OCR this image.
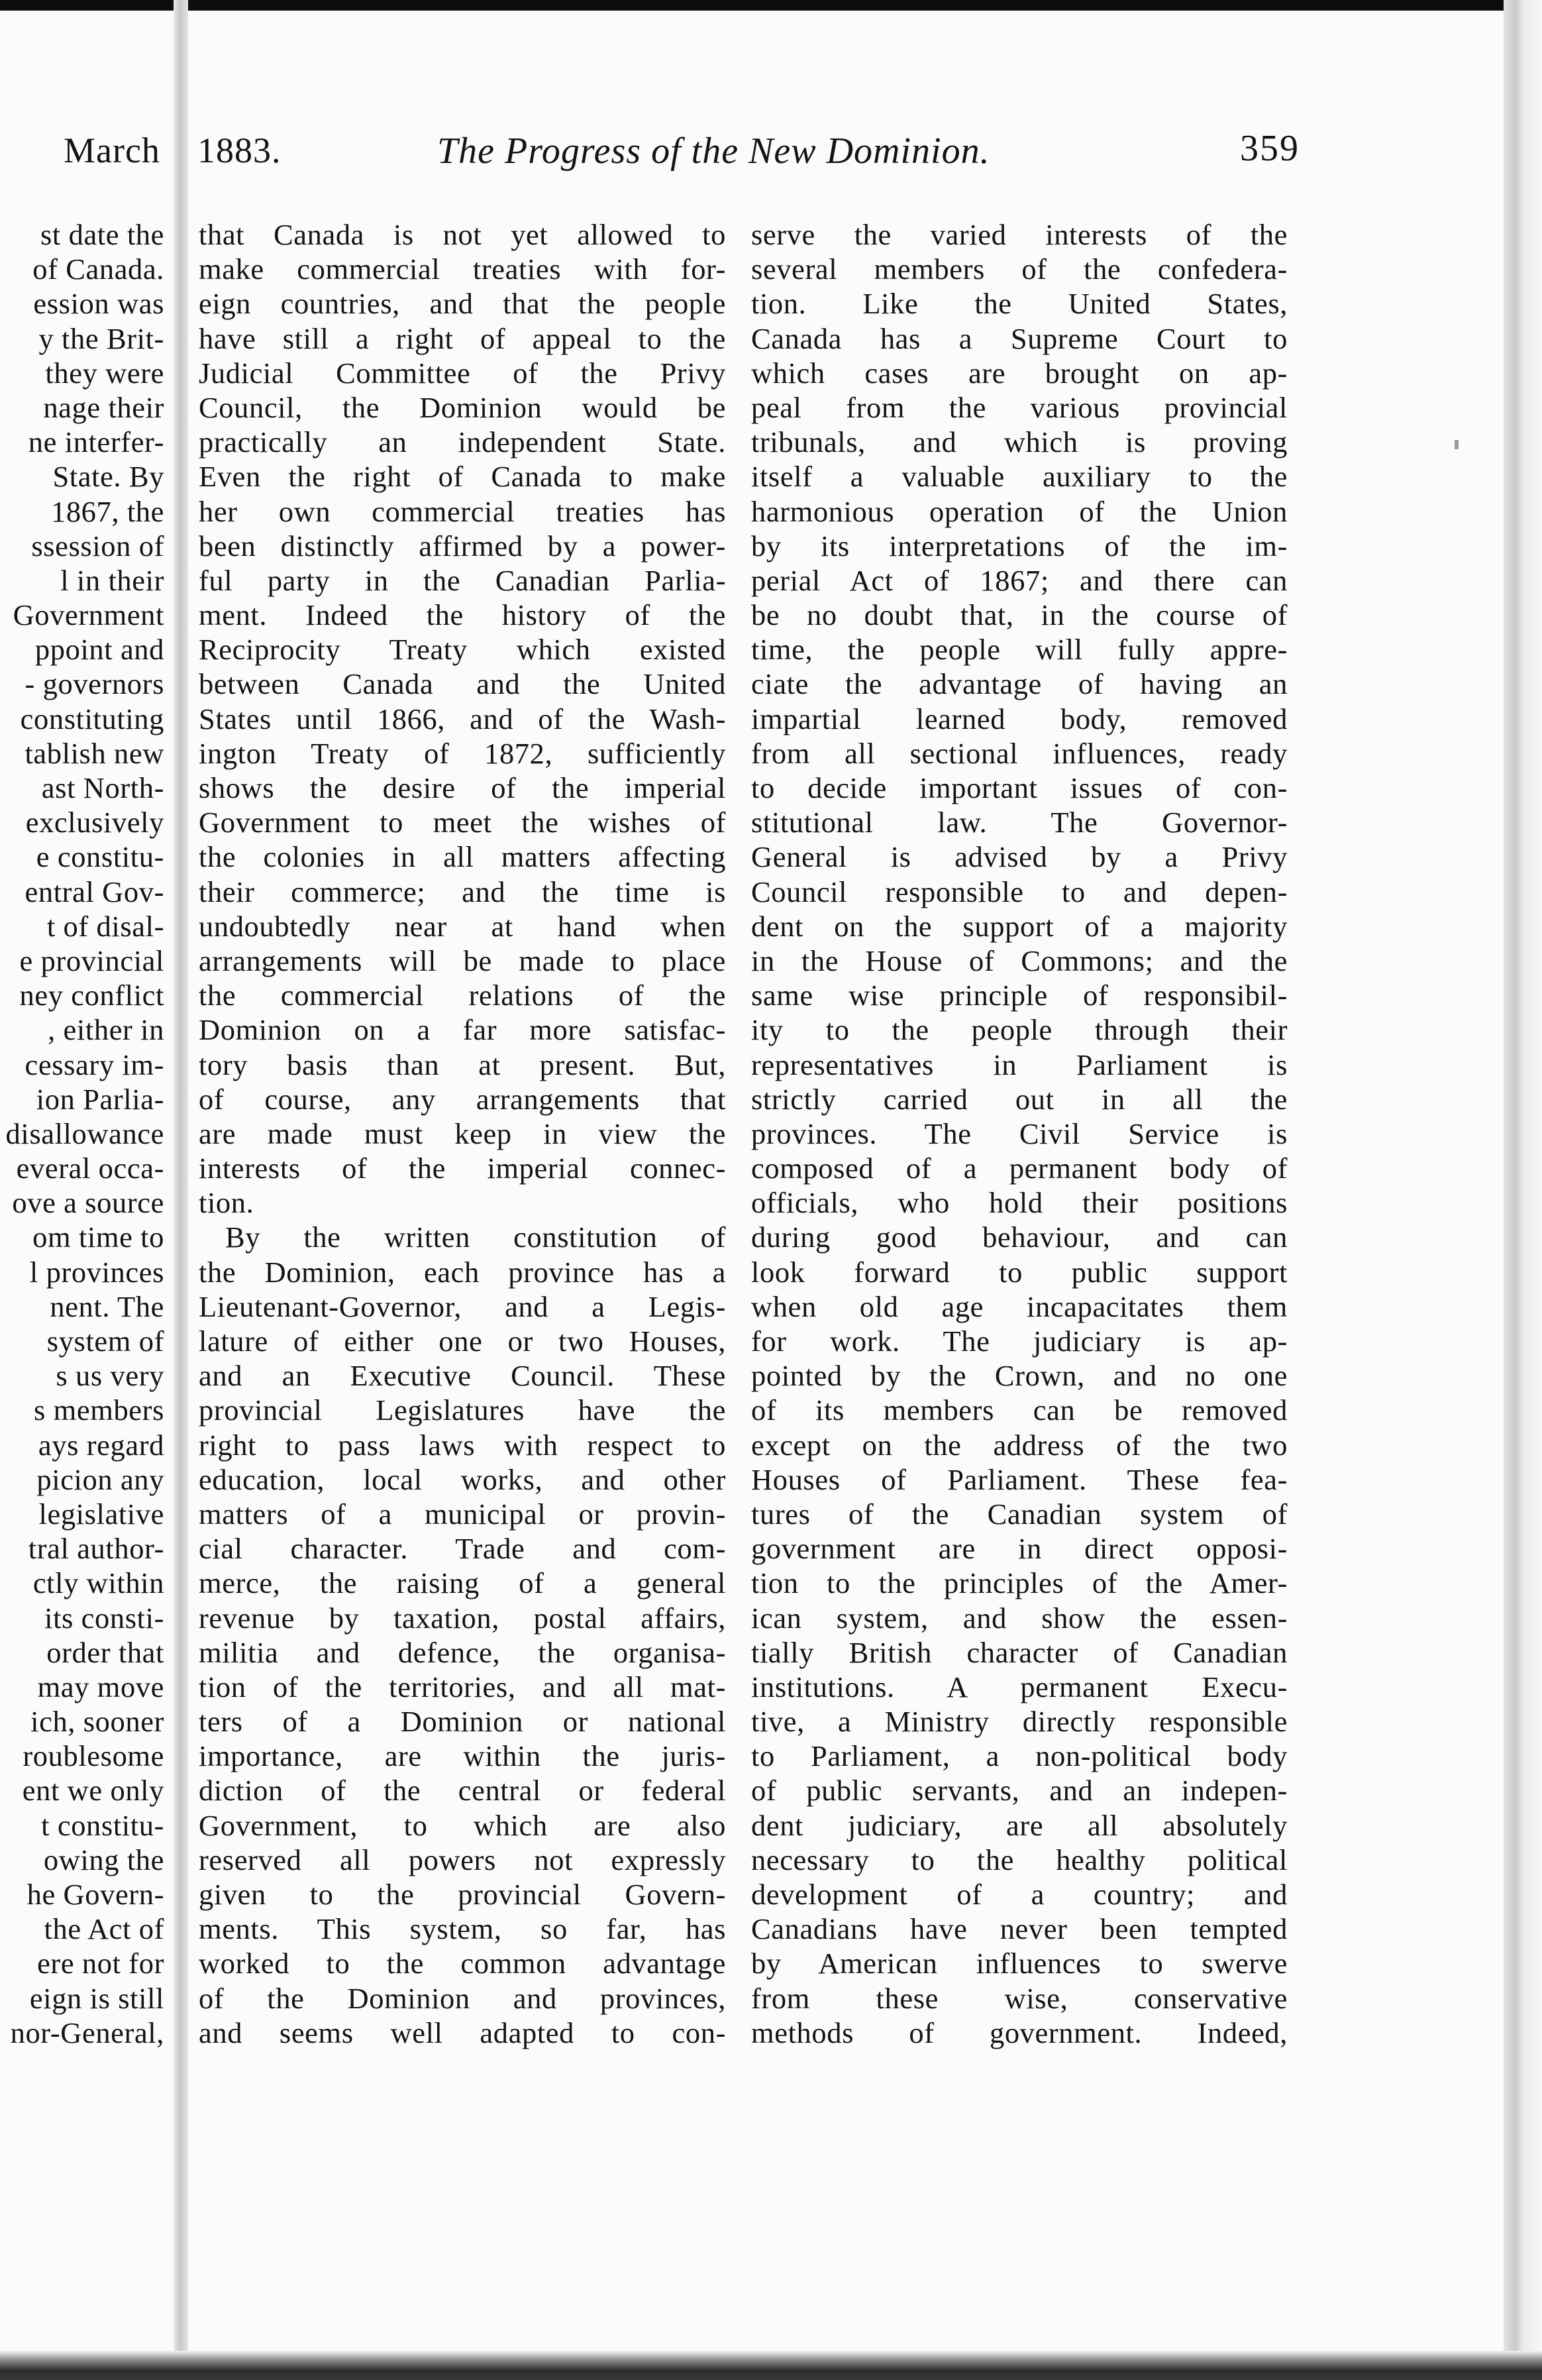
March 1883.	The Progress of the New Dominion.	359
st date the
of Canada.
ession was
y the Brit-
they were
nage their
ne interfer-
State. By
1867, the
ssession of
l in their
Government
ppoint and
- governors
constituting
tablish new
ast North-
exclusively
e constitu-
entral Gov-
t of disal-
e provincial
ney conflict
, either in
cessary im-
ion Parlia-
disallowance
everal occa-
ove a source
om time to
l provinces
nent. The
system of
s us very
s members
ays regard
picion any
legislative
tral author-
ctly within
its consti-
order that
may move
ich, sooner
roublesome
ent we only
t constitu-
owing the
he Govern-
the Act of
ere not for
eign is still
nor-General,
that Canada is not yet allowed to
make commercial treaties with for-
eign countries, and that the people
have still a right of appeal to the
Judicial Committee of the Privy
Council, the Dominion would be
practically an independent State.
Even the right of Canada to make
her own commercial treaties has
been distinctly affirmed by a power-
ful party in the Canadian Parlia-
ment. Indeed the history of the
Reciprocity Treaty which existed
between Canada and the United
States until 1866, and of the Wash-
ington Treaty of 1872, sufficiently
shows the desire of the imperial
Government to meet the wishes of
the colonies in all matters affecting
their commerce; and the time is
undoubtedly near at hand when
arrangements will be made to place
the commercial relations of the
Dominion on a far more satisfac-
tory basis than at present. But,
of course, any arrangements that
are made must keep in view the
interests of the imperial connec-
tion.
By the written constitution of
the Dominion, each province has a
Lieutenant-Governor, and a Legis-
lature of either one or two Houses,
and an Executive Council. These
provincial Legislatures have the
right to pass laws with respect to
education, local works, and other
matters of a municipal or provin-
cial character. Trade and com-
merce, the raising of a general
revenue by taxation, postal affairs,
militia and defence, the organisa-
tion of the territories, and all mat-
ters of a Dominion or national
importance, are within the juris-
diction of the central or federal
Government, to which are also
reserved all powers not expressly
given to the provincial Govern-
ments. This system, so far, has
worked to the common advantage
of the Dominion and provinces,
and seems well adapted to con-
serve the varied interests of the
several members of the confedera-
tion. Like the United States,
Canada has a Supreme Court to
which cases are brought on ap-
peal from the various provincial
tribunals, and which is proving
itself a valuable auxiliary to the
harmonious operation of the Union
by its interpretations of the im-
perial Act of 1867; and there can
be no doubt that, in the course of
time, the people will fully appre-
ciate the advantage of having an
impartial learned body, removed
from all sectional influences, ready
to decide important issues of con-
stitutional law. The Governor-
General is advised by a Privy
Council responsible to and depen-
dent on the support of a majority
in the House of Commons; and the
same wise principle of responsibil-
ity to the people through their
representatives in Parliament is
strictly carried out in all the
provinces. The Civil Service is
composed of a permanent body of
officials, who hold their positions
during good behaviour, and can
look forward to public support
when old age incapacitates them
for work. The judiciary is ap-
pointed by the Crown, and no one
of its members can be removed
except on the address of the two
Houses of Parliament. These fea-
tures of the Canadian system of
government are in direct opposi-
tion to the principles of the Amer-
ican system, and show the essen-
tially British character of Canadian
institutions. A permanent Execu-
tive, a Ministry directly responsible
to Parliament, a non-political body
of public servants, and an indepen-
dent judiciary, are all absolutely
necessary to the healthy political
development of a country; and
Canadians have never been tempted
by American influences to swerve
from these wise, conservative
methods of government. Indeed,
